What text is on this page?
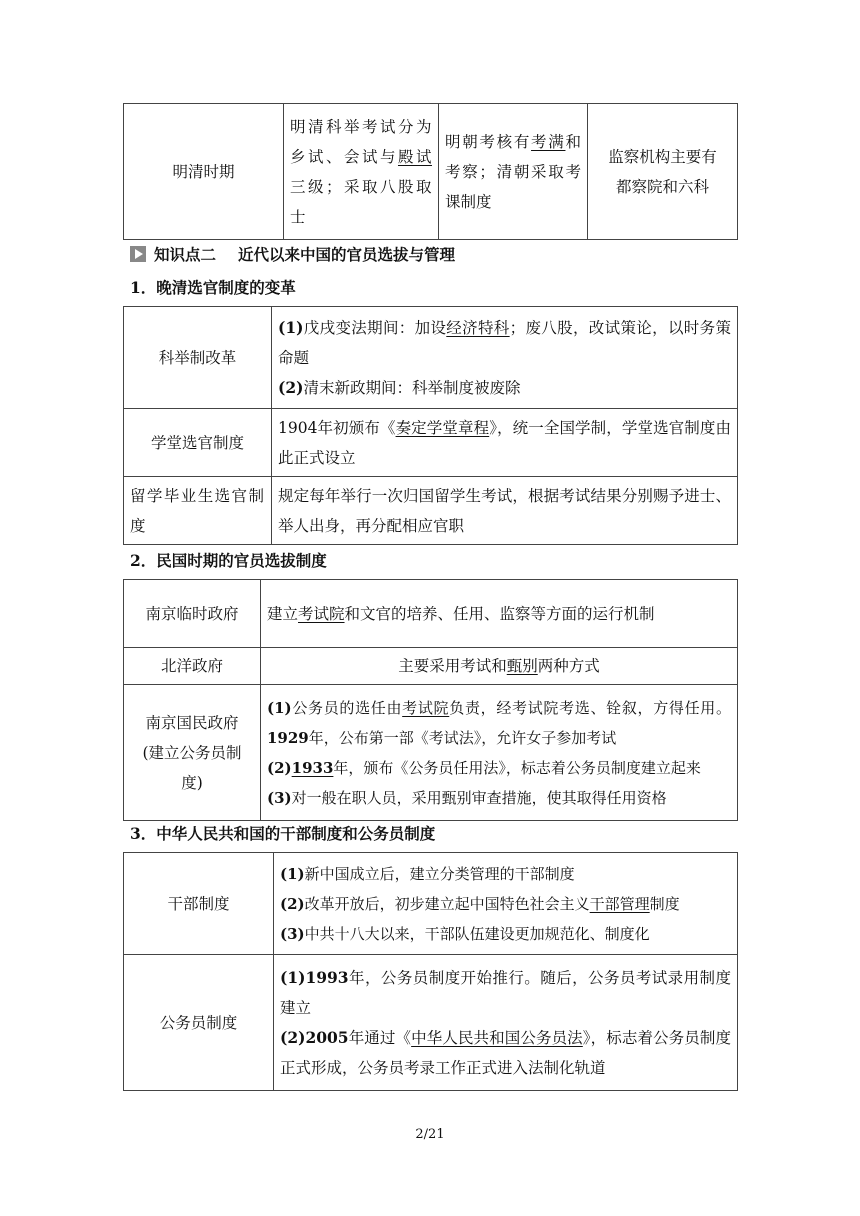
明清时期	明清科举考试分为乡试、会试与殿试三级；采取八股取士	明朝考核有考满和考察；清朝采取考课制度	监察机构主要有都察院和六科
知识点二 近代以来中国的官员选拔与管理
1．晚清选官制度的变革
科举制改革	(1)戊戌变法期间：加设经济特科；废八股，改试策论，以时务策命题
(2)清末新政期间：科举制度被废除

学堂选官制度	1904年初颁布《奏定学堂章程》，统一全国学制，学堂选官制度由此正式设立
留学毕业生选官制度	规定每年举行一次归国留学生考试，根据考试结果分别赐予进士、举人出身，再分配相应官职
2．民国时期的官员选拔制度
南京临时政府	建立考试院和文官的培养、任用、监察等方面的运行机制
北洋政府	主要采用考试和甄别两种方式
南京国民政府(建立公务员制度)	(1)公务员的选任由考试院负责，经考试院考选、铨叙，方得任用。1929年，公布第一部《考试法》，允许女子参加考试
(2)1933年，颁布《公务员任用法》，标志着公务员制度建立起来
(3)对一般在职人员，采用甄别审查措施，使其取得任用资格
3．中华人民共和国的干部制度和公务员制度
干部制度	(1)新中国成立后，建立分类管理的干部制度
(2)改革开放后，初步建立起中国特色社会主义干部管理制度
(3)中共十八大以来，干部队伍建设更加规范化、制度化

公务员制度	(1)1993年，公务员制度开始推行。随后，公务员考试录用制度建立
(2)2005年通过《中华人民共和国公务员法》，标志着公务员制度正式形成，公务员考录工作正式进入法制化轨道
2/21
